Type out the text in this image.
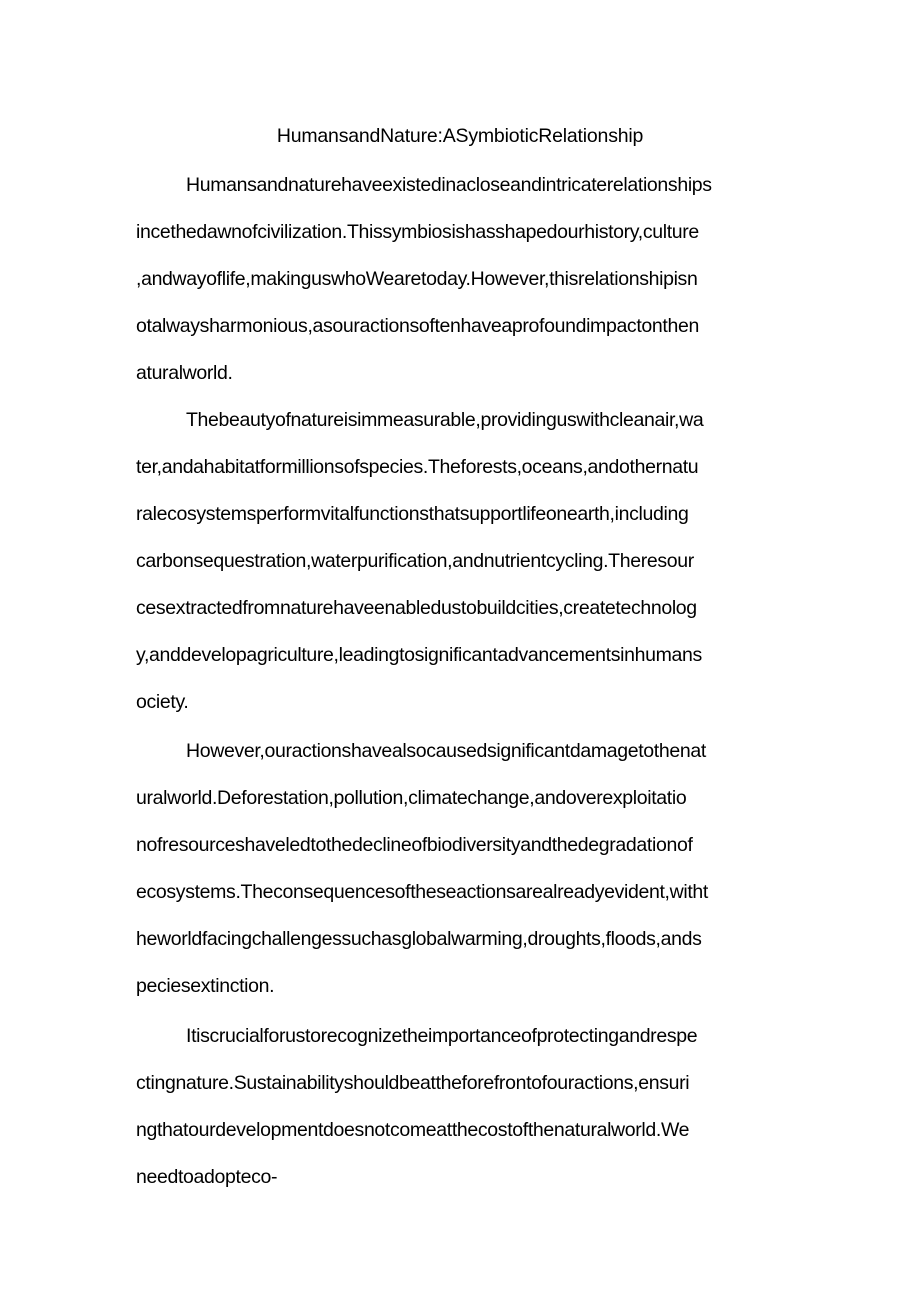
HumansandNature:ASymbioticRelationship
Humansandnaturehaveexistedinacloseandintricaterelationships
incethedawnofcivilization.Thissymbiosishasshapedourhistory,culture
,andwayoflife,makinguswhoWearetoday.However,thisrelationshipisn
otalwaysharmonious,asouractionsoftenhaveaprofoundimpactonthen
aturalworld.
Thebeautyofnatureisimmeasurable,providinguswithcleanair,wa
ter,andahabitatformillionsofspecies.Theforests,oceans,andothernatu
ralecosystemsperformvitalfunctionsthatsupportlifeonearth,including
carbonsequestration,waterpurification,andnutrientcycling.Theresour
cesextractedfromnaturehaveenabledustobuildcities,createtechnolog
y,anddevelopagriculture,leadingtosignificantadvancementsinhumans
ociety.
However,ouractionshavealsocausedsignificantdamagetothenat
uralworld.Deforestation,pollution,climatechange,andoverexploitatio
nofresourceshaveledtothedeclineofbiodiversityandthedegradationof
ecosystems.Theconsequencesoftheseactionsarealreadyevident,witht
heworldfacingchallengessuchasglobalwarming,droughts,floods,ands
peciesextinction.
Itiscrucialforustorecognizetheimportanceofprotectingandrespe
ctingnature.Sustainabilityshouldbeattheforefrontofouractions,ensuri
ngthatourdevelopmentdoesnotcomeatthecostofthenaturalworld.We
needtoadopteco-
